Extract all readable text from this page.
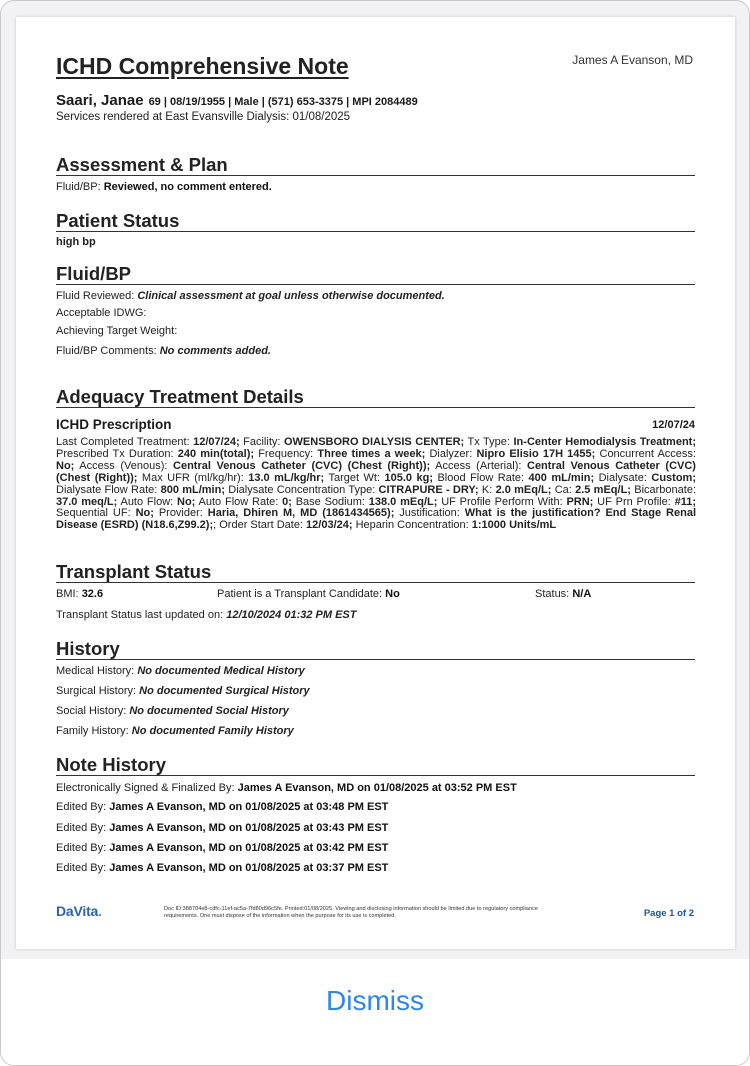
ICHD Comprehensive Note	James A Evanson, MD
Saari, Janae 69 | 08/19/1955 | Male | (571) 653-3375 | MPI 2084489
Services rendered at East Evansville Dialysis: 01/08/2025
Assessment & Plan
Fluid/BP: Reviewed, no comment entered.
Patient Status
high bp
Fluid/BP
Fluid Reviewed: Clinical assessment at goal unless otherwise documented.
Acceptable IDWG:
Achieving Target Weight:
Fluid/BP Comments: No comments added.
Adequacy Treatment Details
ICHD Prescription	12/07/24
Last Completed Treatment: 12/07/24; Facility: OWENSBORO DIALYSIS CENTER; Tx Type: In-Center Hemodialysis Treatment; Prescribed Tx Duration: 240 min(total); Frequency: Three times a week; Dialyzer: Nipro Elisio 17H 1455; Concurrent Access: No; Access (Venous): Central Venous Catheter (CVC) (Chest (Right)); Access (Arterial): Central Venous Catheter (CVC) (Chest (Right)); Max UFR (ml/kg/hr): 13.0 mL/kg/hr; Target Wt: 105.0 kg; Blood Flow Rate: 400 mL/min; Dialysate: Custom; Dialysate Flow Rate: 800 mL/min; Dialysate Concentration Type: CITRAPURE - DRY; K: 2.0 mEq/L; Ca: 2.5 mEq/L; Bicarbonate: 37.0 meq/L; Auto Flow: No; Auto Flow Rate: 0; Base Sodium: 138.0 mEq/L; UF Profile Perform With: PRN; UF Prn Profile: #11; Sequential UF: No; Provider: Haria, Dhiren M, MD (1861434565); Justification: What is the justification? End Stage Renal Disease (ESRD) (N18.6,Z99.2);; Order Start Date: 12/03/24; Heparin Concentration: 1:1000 Units/mL
Transplant Status
BMI: 32.6	Patient is a Transplant Candidate: No	Status: N/A
Transplant Status last updated on: 12/10/2024 01:32 PM EST
History
Medical History: No documented Medical History
Surgical History: No documented Surgical History
Social History: No documented Social History
Family History: No documented Family History
Note History
Electronically Signed & Finalized By: James A Evanson, MD on 01/08/2025 at 03:52 PM EST
Edited By: James A Evanson, MD on 01/08/2025 at 03:48 PM EST
Edited By: James A Evanson, MD on 01/08/2025 at 03:43 PM EST
Edited By: James A Evanson, MD on 01/08/2025 at 03:42 PM EST
Edited By: James A Evanson, MD on 01/08/2025 at 03:37 PM EST
DaVita.	Doc ID:388704e8-cdfc-11ef-ac5a-7fd80d96c5fe. Printed:01/08/2025. Viewing and disclosing information should be limited due to regulatory compliance requirements. One must dispose of the information when the purpose for its use is completed.	Page 1 of 2
Dismiss
